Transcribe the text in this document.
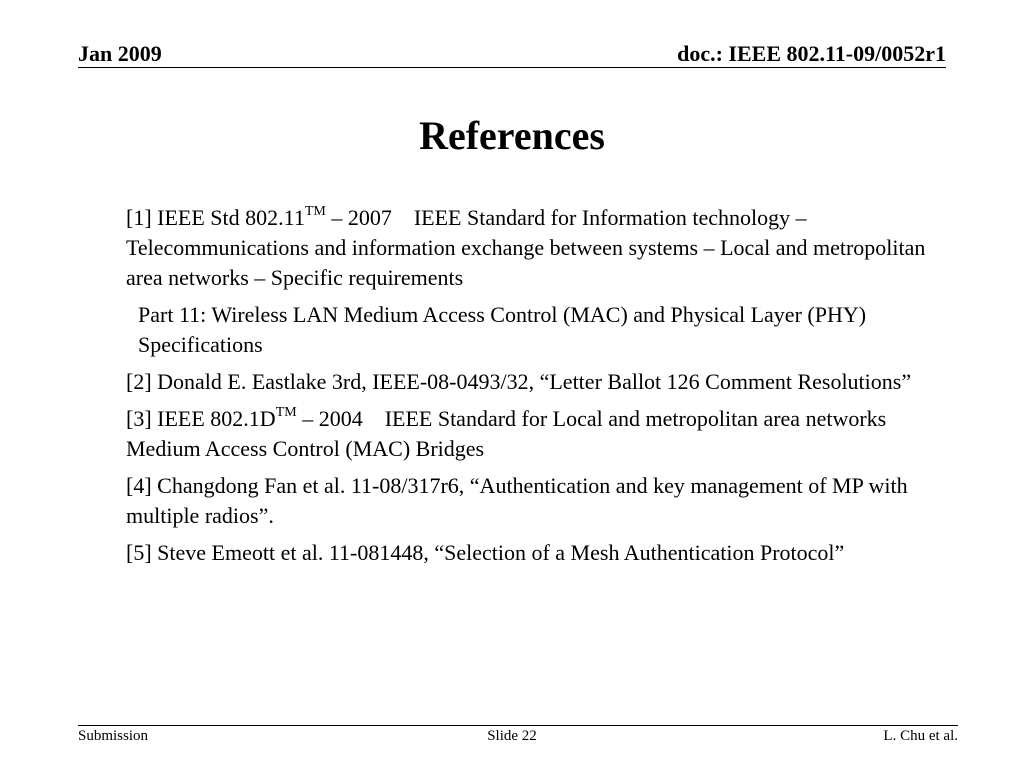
Jan 2009	doc.: IEEE 802.11-09/0052r1
References

[1] IEEE Std 802.11™ – 2007    IEEE Standard for Information technology – Telecommunications and information exchange between systems – Local and metropolitan area networks – Specific requirements

Part 11: Wireless LAN Medium Access Control (MAC) and Physical Layer (PHY) Specifications

[2] Donald E. Eastlake 3rd, IEEE-08-0493/32, “Letter Ballot 126 Comment Resolutions”

[3] IEEE 802.1D™ – 2004    IEEE Standard for Local and metropolitan area networks Medium Access Control (MAC) Bridges

[4] Changdong Fan et al. 11-08/317r6, “Authentication and key management of MP with multiple radios”.

[5] Steve Emeott et al. 11-081448, “Selection of a Mesh Authentication Protocol”

Submission	Slide 22	L. Chu et al.
